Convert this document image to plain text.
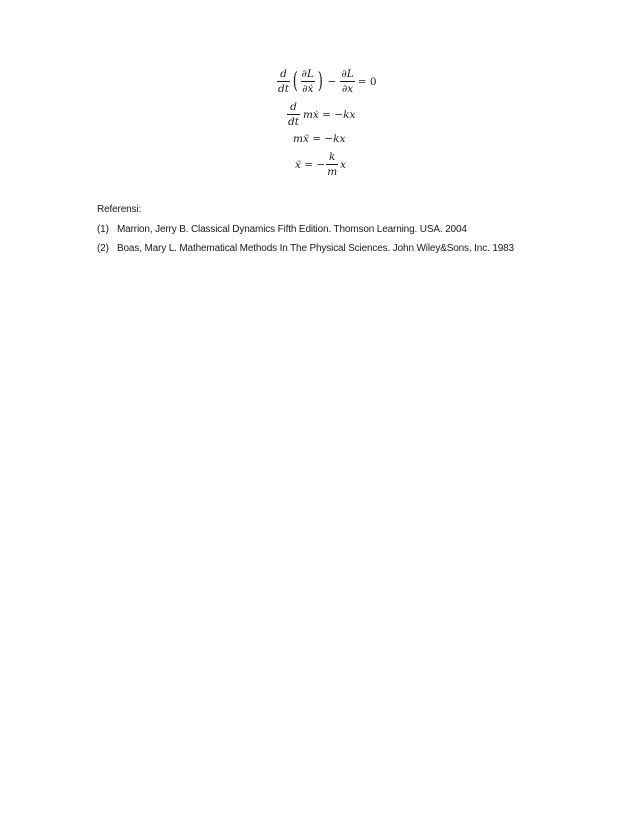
$\frac{d}{dt}$ ( $\frac{\partial L}{\text{∂ẋ}}$ ) − $\frac{\partial L}{\partial x} = 0$
$\frac{d}{dt}$ mẋ = −kx
mẍ = −kx
ẍ = − $\frac{k}{m}$ x
Referensi:
(1) Marrion, Jerry B. Classical Dynamics Fifth Edition. Thomson Learning. USA. 2004
(2) Boas, Mary L. Mathematical Methods In The Physical Sciences. John Wiley&Sons, Inc. 1983
